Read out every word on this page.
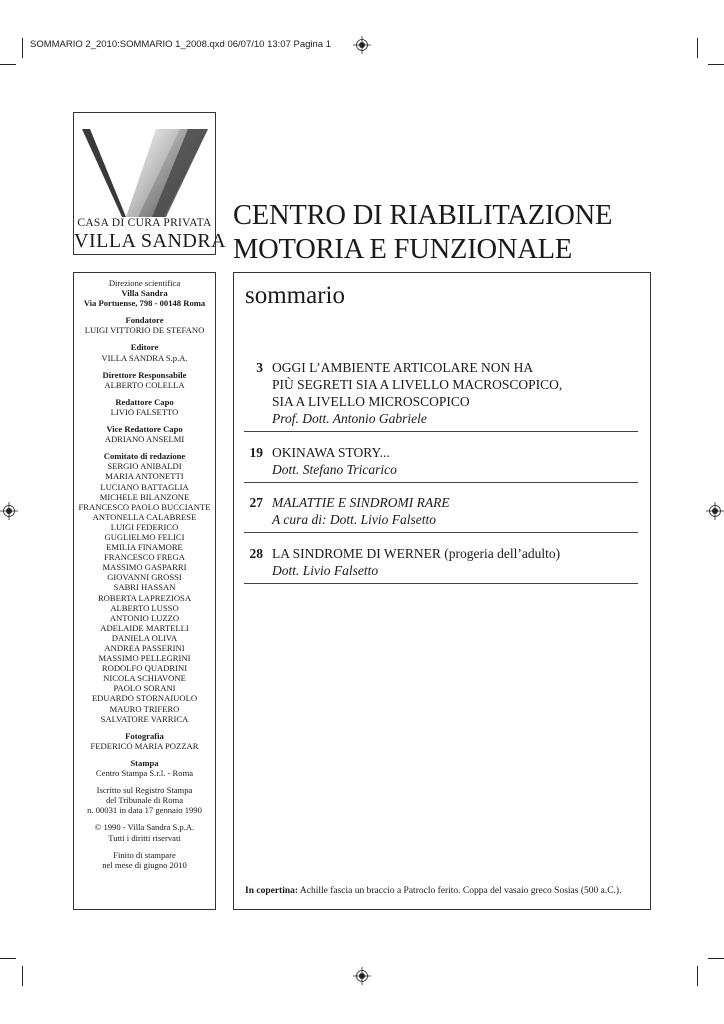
SOMMARIO 2_2010:SOMMARIO 1_2008.qxd 06/07/10 13:07 Pagina 1
CASA DI CURA PRIVATA
VILLA SANDRA
CENTRO DI RIABILITAZIONE
MOTORIA E FUNZIONALE
Direzione scientifica
Villa Sandra
Via Portuense, 798 - 00148 Roma
Fondatore
LUIGI VITTORIO DE STEFANO
Editore
VILLA SANDRA S.p.A.
Direttore Responsabile
ALBERTO COLELLA
Redattore Capo
LIVIO FALSETTO
Vice Redattore Capo
ADRIANO ANSELMI
Comitato di redazione
SERGIO ANIBALDI
MARIA ANTONETTI
LUCIANO BATTAGLIA
MICHELE BILANZONE
FRANCESCO PAOLO BUCCIANTE
ANTONELLA CALABRESE
LUIGI FEDERICO
GUGLIELMO FELICI
EMILIA FINAMORE
FRANCESCO FREGA
MASSIMO GASPARRI
GIOVANNI GROSSI
SABRI HASSAN
ROBERTA LAPREZIOSA
ALBERTO LUSSO
ANTONIO LUZZO
ADELAIDE MARTELLI
DANIELA OLIVA
ANDREA PASSERINI
MASSIMO PELLEGRINI
RODOLFO QUADRINI
NICOLA SCHIAVONE
PAOLO SORANI
EDUARDO STORNAIUOLO
MAURO TRIFERO
SALVATORE VARRICA
Fotografia
FEDERICO MARIA POZZAR
Stampa
Centro Stampa S.r.l. - Roma
Iscritto sul Registro Stampa
del Tribunale di Roma
n. 00031 in data 17 gennaio 1990
© 1990 - Villa Sandra S.p.A.
Tutti i diritti riservati
Finito di stampare
nel mese di giugno 2010
sommario
3 OGGI L’AMBIENTE ARTICOLARE NON HA
PIÙ SEGRETI SIA A LIVELLO MACROSCOPICO,
SIA A LIVELLO MICROSCOPICO
Prof. Dott. Antonio Gabriele
19 OKINAWA STORY...
Dott. Stefano Tricarico
27 MALATTIE E SINDROMI RARE
A cura di: Dott. Livio Falsetto
28 LA SINDROME DI WERNER (progeria dell’adulto)
Dott. Livio Falsetto
In copertina: Achille fascia un braccio a Patroclo ferito. Coppa del vasaio greco Sosias (500 a.C.).
